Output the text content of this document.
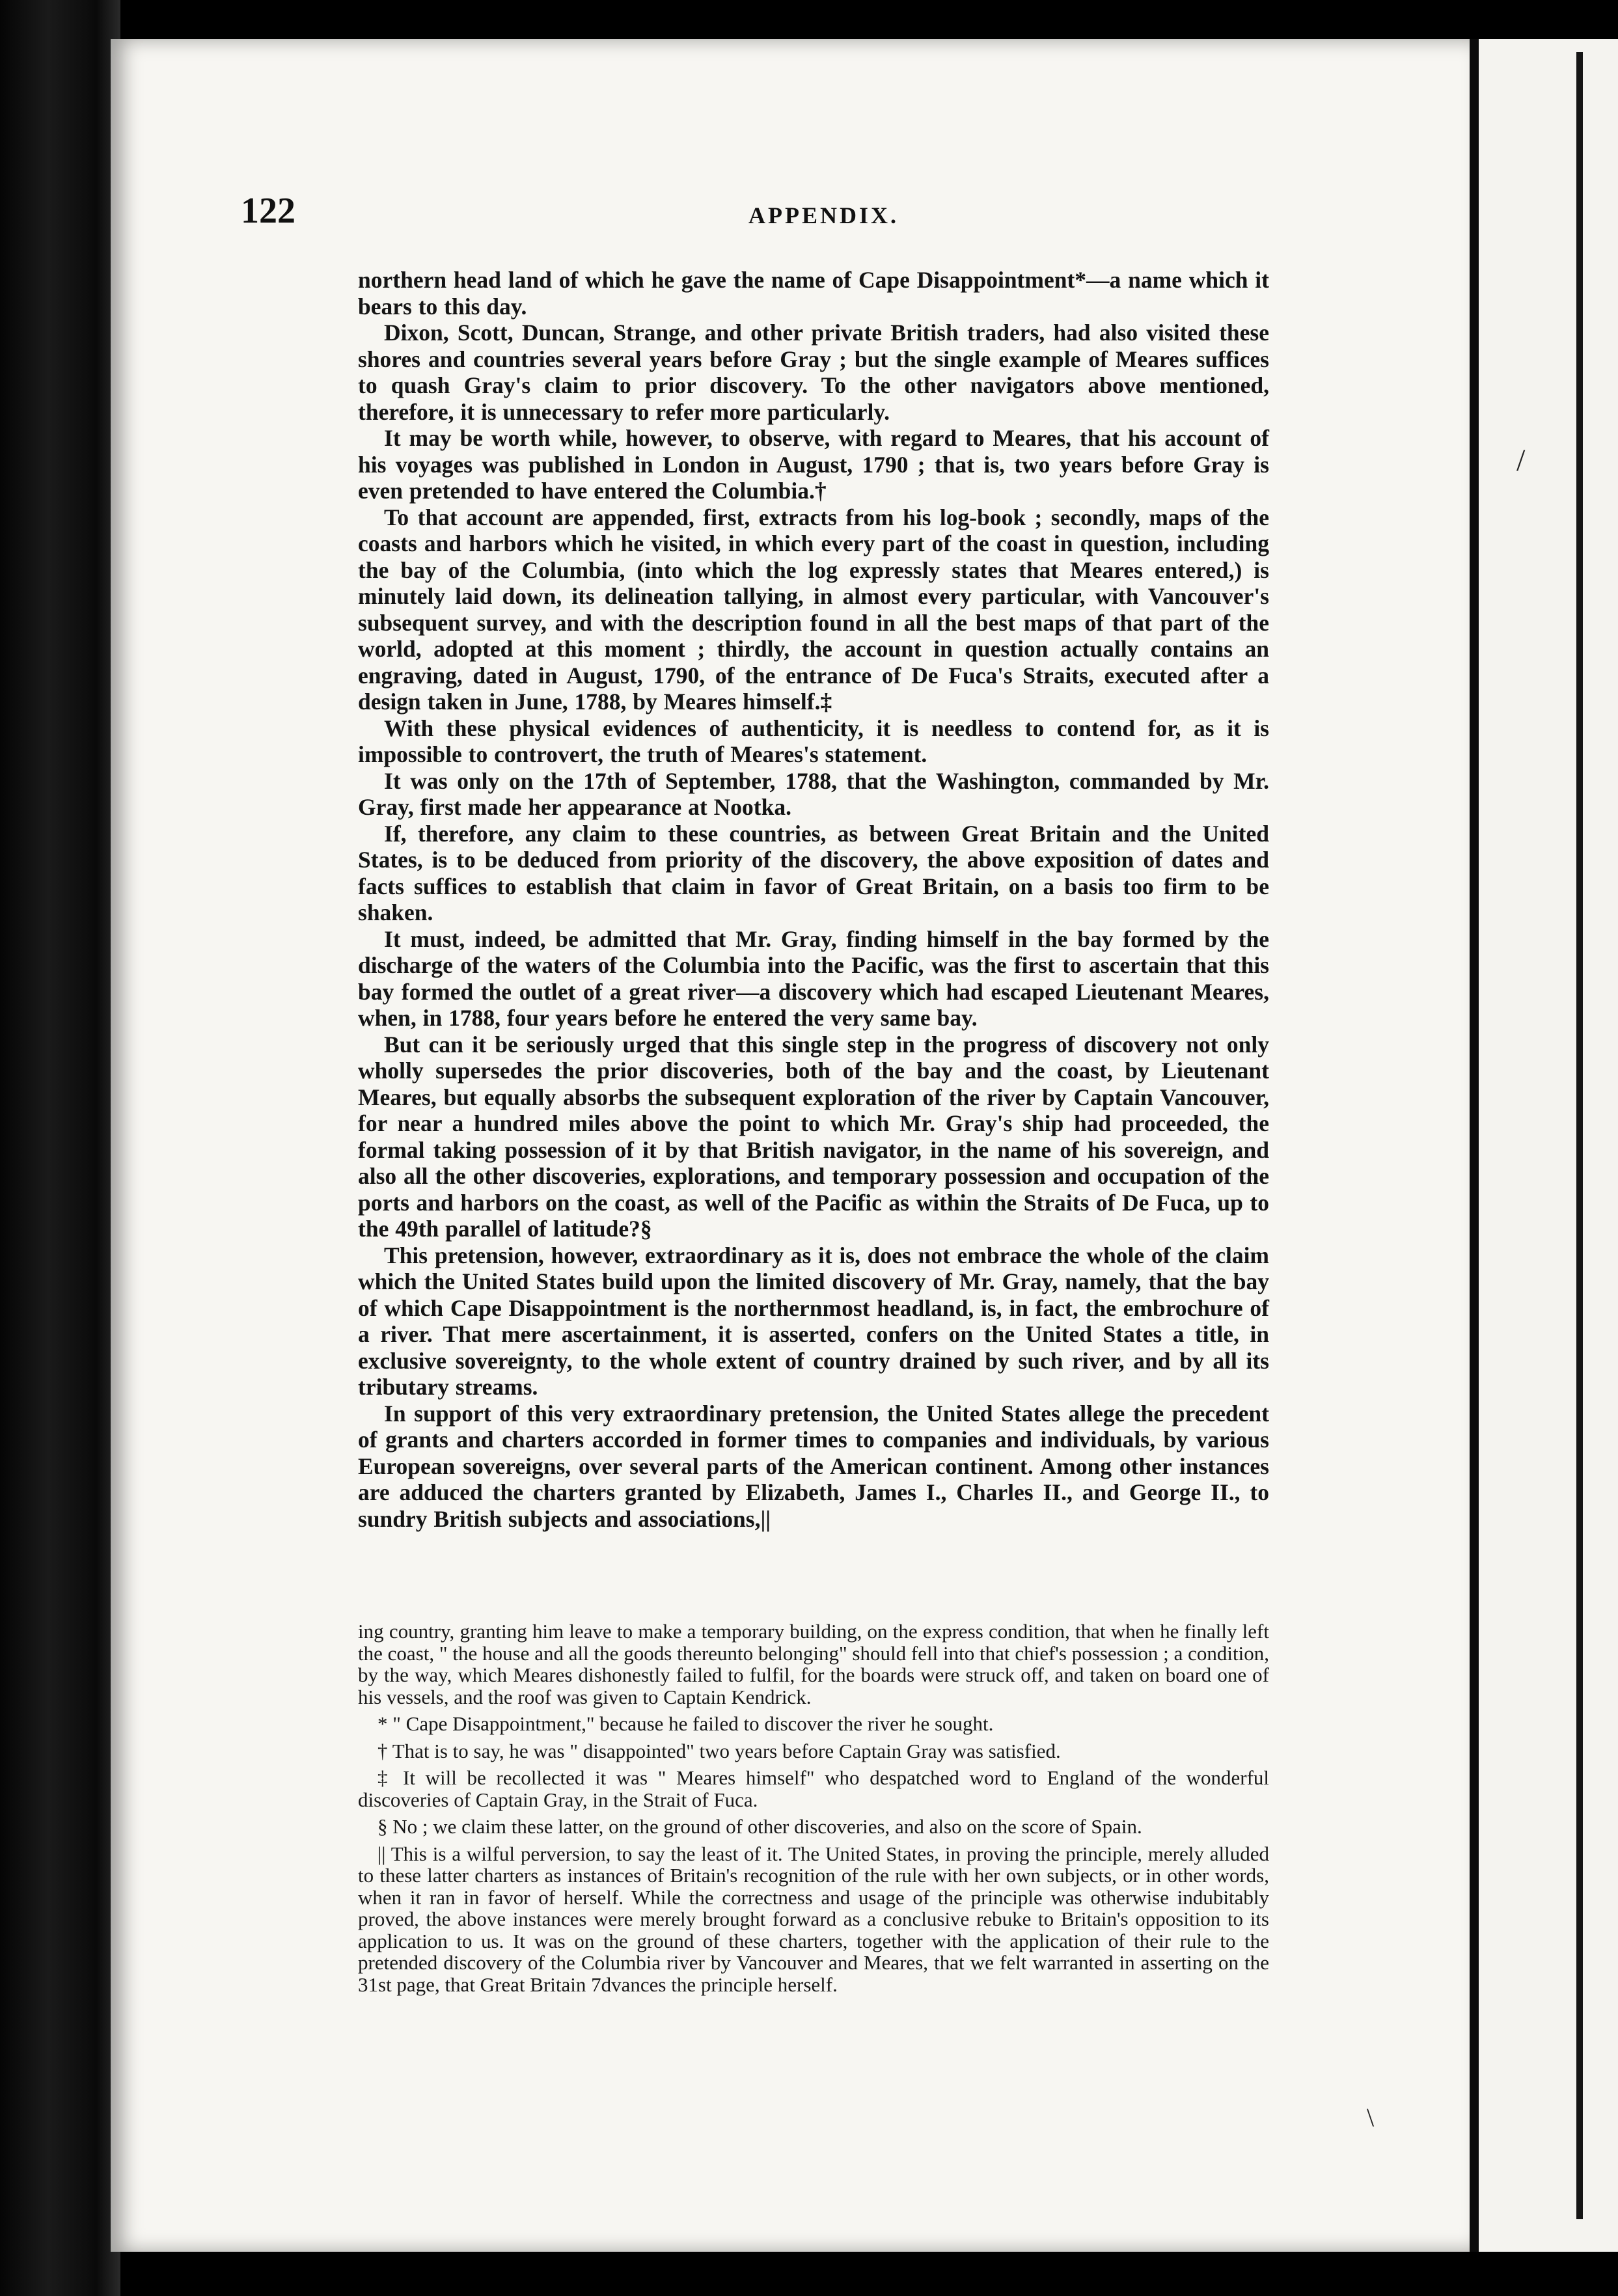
/
\
122	APPENDIX.

northern head land of which he gave the name of Cape Disappointment*—a name which it bears to this day.

Dixon, Scott, Duncan, Strange, and other private British traders, had also visited these shores and countries several years before Gray ; but the single example of Meares suffices to quash Gray's claim to prior discovery. To the other navigators above mentioned, therefore, it is unnecessary to refer more particularly.

It may be worth while, however, to observe, with regard to Meares, that his account of his voyages was published in London in August, 1790 ; that is, two years before Gray is even pretended to have entered the Columbia.†

To that account are appended, first, extracts from his log-book ; secondly, maps of the coasts and harbors which he visited, in which every part of the coast in question, including the bay of the Columbia, (into which the log expressly states that Meares entered,) is minutely laid down, its delineation tallying, in almost every particular, with Vancouver's subsequent survey, and with the description found in all the best maps of that part of the world, adopted at this moment ; thirdly, the account in question actually contains an engraving, dated in August, 1790, of the entrance of De Fuca's Straits, executed after a design taken in June, 1788, by Meares himself.‡

With these physical evidences of authenticity, it is needless to contend for, as it is impossible to controvert, the truth of Meares's statement.

It was only on the 17th of September, 1788, that the Washington, commanded by Mr. Gray, first made her appearance at Nootka.

If, therefore, any claim to these countries, as between Great Britain and the United States, is to be deduced from priority of the discovery, the above exposition of dates and facts suffices to establish that claim in favor of Great Britain, on a basis too firm to be shaken.

It must, indeed, be admitted that Mr. Gray, finding himself in the bay formed by the discharge of the waters of the Columbia into the Pacific, was the first to ascertain that this bay formed the outlet of a great river—a discovery which had escaped Lieutenant Meares, when, in 1788, four years before he entered the very same bay.

But can it be seriously urged that this single step in the progress of discovery not only wholly supersedes the prior discoveries, both of the bay and the coast, by Lieutenant Meares, but equally absorbs the subsequent exploration of the river by Captain Vancouver, for near a hundred miles above the point to which Mr. Gray's ship had proceeded, the formal taking possession of it by that British navigator, in the name of his sovereign, and also all the other discoveries, explorations, and temporary possession and occupation of the ports and harbors on the coast, as well of the Pacific as within the Straits of De Fuca, up to the 49th parallel of latitude?§

This pretension, however, extraordinary as it is, does not embrace the whole of the claim which the United States build upon the limited discovery of Mr. Gray, namely, that the bay of which Cape Disappointment is the northernmost headland, is, in fact, the embrochure of a river. That mere ascertainment, it is asserted, confers on the United States a title, in exclusive sovereignty, to the whole extent of country drained by such river, and by all its tributary streams.

In support of this very extraordinary pretension, the United States allege the precedent of grants and charters accorded in former times to companies and individuals, by various European sovereigns, over several parts of the American continent. Among other instances are adduced the charters granted by Elizabeth, James I., Charles II., and George II., to sundry British subjects and associations,||

ing country, granting him leave to make a temporary building, on the express condition, that when he finally left the coast, " the house and all the goods thereunto belonging" should fell into that chief's possession ; a condition, by the way, which Meares dishonestly failed to fulfil, for the boards were struck off, and taken on board one of his vessels, and the roof was given to Captain Kendrick.

* " Cape Disappointment," because he failed to discover the river he sought.

† That is to say, he was " disappointed" two years before Captain Gray was satisfied.

‡ It will be recollected it was " Meares himself" who despatched word to England of the wonderful discoveries of Captain Gray, in the Strait of Fuca.

§ No ; we claim these latter, on the ground of other discoveries, and also on the score of Spain.

|| This is a wilful perversion, to say the least of it. The United States, in proving the principle, merely alluded to these latter charters as instances of Britain's recognition of the rule with her own subjects, or in other words, when it ran in favor of herself. While the correctness and usage of the principle was otherwise indubitably proved, the above instances were merely brought forward as a conclusive rebuke to Britain's opposition to its application to us. It was on the ground of these charters, together with the application of their rule to the pretended discovery of the Columbia river by Vancouver and Meares, that we felt warranted in asserting on the 31st page, that Great Britain 7dvances the principle herself.
